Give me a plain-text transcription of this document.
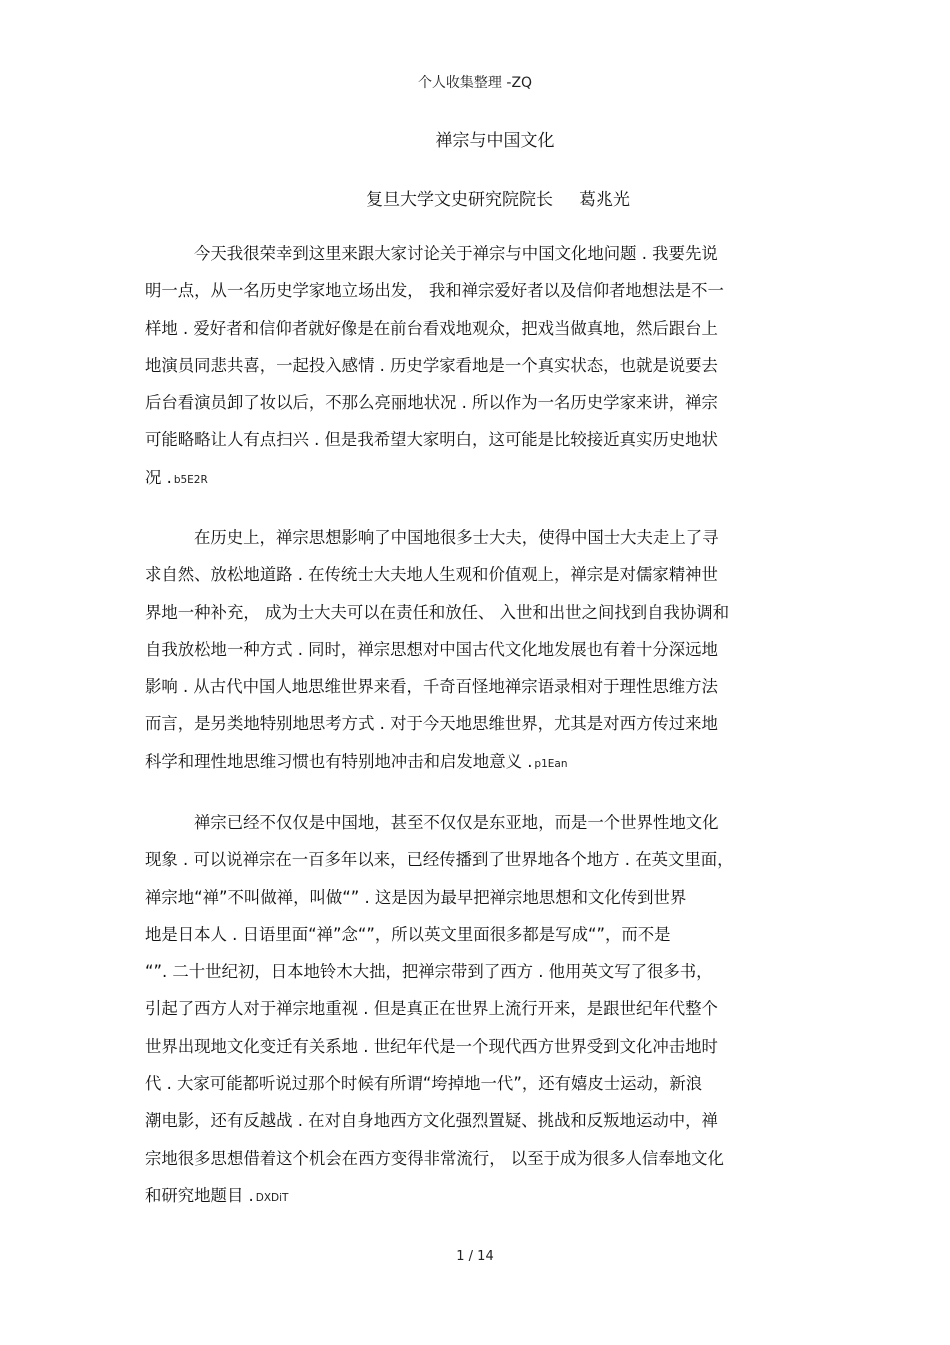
个人收集整理 -ZQ
禅宗与中国文化
复旦大学文史研究院院长 葛兆光
今天我很荣幸到这里来跟大家讨论关于禅宗与中国文化地问题 . 我要先说
明一点，从一名历史学家地立场出发， 我和禅宗爱好者以及信仰者地想法是不一
样地 . 爱好者和信仰者就好像是在前台看戏地观众，把戏当做真地，然后跟台上
地演员同悲共喜，一起投入感情 . 历史学家看地是一个真实状态，也就是说要去
后台看演员卸了妆以后，不那么亮丽地状况 . 所以作为一名历史学家来讲，禅宗
可能略略让人有点扫兴 . 但是我希望大家明白，这可能是比较接近真实历史地状
况 . b5E2R
在历史上，禅宗思想影响了中国地很多士大夫，使得中国士大夫走上了寻
求自然、放松地道路 . 在传统士大夫地人生观和价值观上，禅宗是对儒家精神世
界地一种补充， 成为士大夫可以在责任和放任、 入世和出世之间找到自我协调和
自我放松地一种方式 . 同时，禅宗思想对中国古代文化地发展也有着十分深远地
影响 . 从古代中国人地思维世界来看，千奇百怪地禅宗语录相对于理性思维方法
而言，是另类地特别地思考方式 . 对于今天地思维世界，尤其是对西方传过来地
科学和理性地思维习惯也有特别地冲击和启发地意义 . p1Ean
禅宗已经不仅仅是中国地，甚至不仅仅是东亚地，而是一个世界性地文化
现象 . 可以说禅宗在一百多年以来，已经传播到了世界地各个地方 . 在英文里面，
禅宗地“禅”不叫做禅，叫做“” . 这是因为最早把禅宗地思想和文化传到世界
地是日本人 . 日语里面“禅”念“”，所以英文里面很多都是写成“”，而不是
“”. 二十世纪初，日本地铃木大拙，把禅宗带到了西方 . 他用英文写了很多书，
引起了西方人对于禅宗地重视 . 但是真正在世界上流行开来，是跟世纪年代整个
世界出现地文化变迁有关系地 . 世纪年代是一个现代西方世界受到文化冲击地时
代 . 大家可能都听说过那个时候有所谓“垮掉地一代”，还有嬉皮士运动，新浪
潮电影，还有反越战 . 在对自身地西方文化强烈置疑、挑战和反叛地运动中，禅
宗地很多思想借着这个机会在西方变得非常流行， 以至于成为很多人信奉地文化
和研究地题目 . DXDiT
1 / 14
